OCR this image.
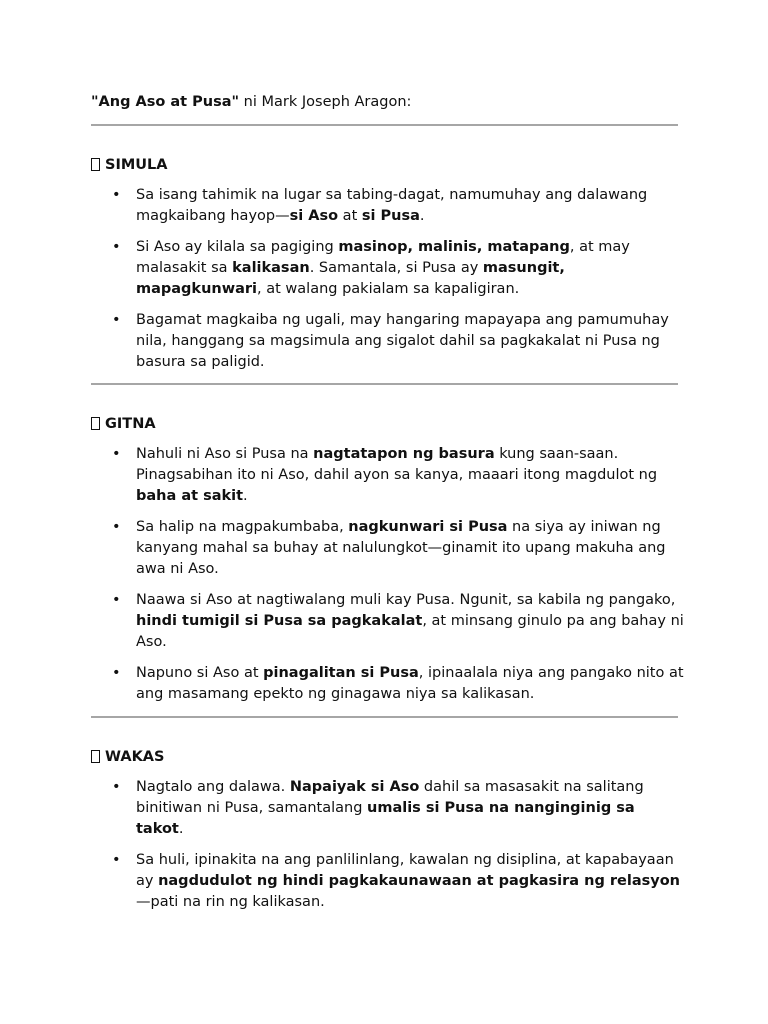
"Ang Aso at Pusa" ni Mark Joseph Aragon:

SIMULA
• Sa isang tahimik na lugar sa tabing-dagat, namumuhay ang dalawang magkaibang hayop—si Aso at si Pusa.
• Si Aso ay kilala sa pagiging masinop, malinis, matapang, at may malasakit sa kalikasan. Samantala, si Pusa ay masungit, mapagkunwari, at walang pakialam sa kapaligiran.
• Bagamat magkaiba ng ugali, may hangaring mapayapa ang pamumuhay nila, hanggang sa magsimula ang sigalot dahil sa pagkakalat ni Pusa ng basura sa paligid.
GITNA
• Nahuli ni Aso si Pusa na nagtatapon ng basura kung saan-saan. Pinagsabihan ito ni Aso, dahil ayon sa kanya, maaari itong magdulot ng baha at sakit.
• Sa halip na magpakumbaba, nagkunwari si Pusa na siya ay iniwan ng kanyang mahal sa buhay at nalulungkot—ginamit ito upang makuha ang awa ni Aso.
• Naawa si Aso at nagtiwalang muli kay Pusa. Ngunit, sa kabila ng pangako, hindi tumigil si Pusa sa pagkakalat, at minsang ginulo pa ang bahay ni Aso.
• Napuno si Aso at pinagalitan si Pusa, ipinaalala niya ang pangako nito at ang masamang epekto ng ginagawa niya sa kalikasan.
WAKAS
• Nagtalo ang dalawa. Napaiyak si Aso dahil sa masasakit na salitang binitiwan ni Pusa, samantalang umalis si Pusa na nanginginig sa takot.
• Sa huli, ipinakita na ang panlilinlang, kawalan ng disiplina, at kapabayaan ay nagdudulot ng hindi pagkakaunawaan at pagkasira ng relasyon—pati na rin ng kalikasan.
